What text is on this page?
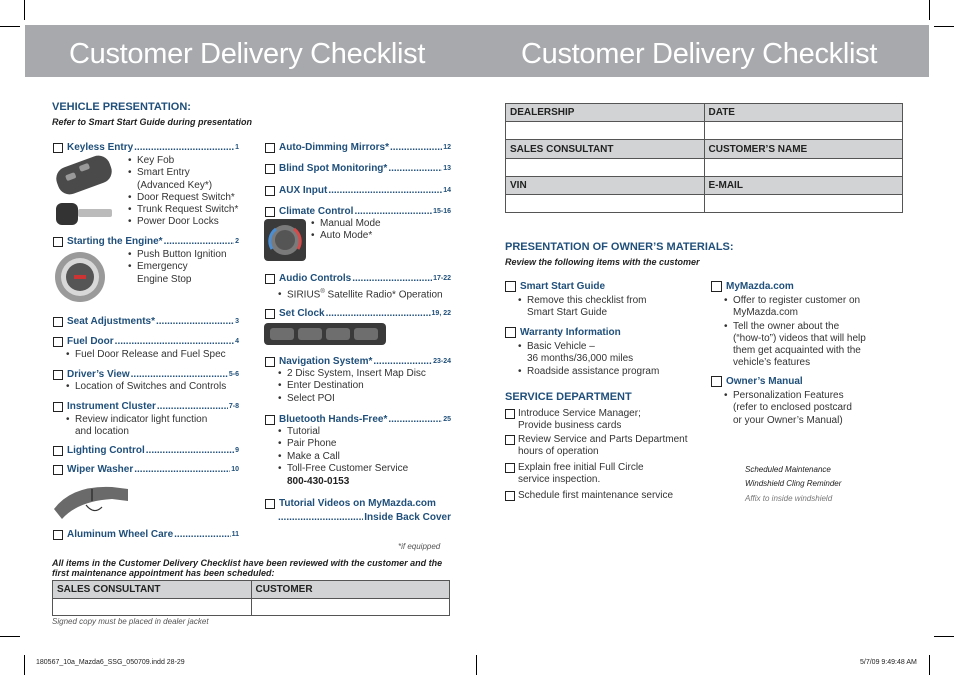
Customer Delivery Checklist	Customer Delivery Checklist
VEHICLE PRESENTATION:
Refer to Smart Start Guide during presentation
Keyless Entry .....	1
• Key Fob
• Smart Entry
(Advanced Key*)
• Door Request Switch*
• Trunk Request Switch*
• Power Door Locks
Starting the Engine* .....	2
• Push Button Ignition
• Emergency
Engine Stop
Seat Adjustments* .....	3
Fuel Door .....	4
• Fuel Door Release and Fuel Spec
Driver’s View .....	5-6
• Location of Switches and Controls
Instrument Cluster .....	7-8
• Review indicator light function
and location
Lighting Control .....	9
Wiper Washer .....	10
Aluminum Wheel Care .....	11
Auto-Dimming Mirrors* .....	12
Blind Spot Monitoring* .....	13
AUX Input .....	14
Climate Control .....	15-16
• Manual Mode
• Auto Mode*
Audio Controls .....	17-22
• SIRIUS® Satellite Radio* Operation
Set Clock .....	19, 22
Navigation System* .....	23-24
• 2 Disc System, Insert Map Disc
• Enter Destination
• Select POI
Bluetooth Hands-Free* .....	25
• Tutorial
• Pair Phone
• Make a Call
• Toll-Free Customer Service
800-430-0153
Tutorial Videos on MyMazda.com
.....
Inside Back Cover
*if equipped
All items in the Customer Delivery Checklist have been reviewed with the customer and the first maintenance appointment has been scheduled:
SALES CONSULTANT	CUSTOMER

Signed copy must be placed in dealer jacket
DEALERSHIP	DATE

SALES CONSULTANT	CUSTOMER’S NAME

VIN	E-MAIL

PRESENTATION OF OWNER’S MATERIALS:
Review the following items with the customer
Smart Start Guide
• Remove this checklist from
Smart Start Guide
Warranty Information
• Basic Vehicle –
36 months/36,000 miles
• Roadside assistance program
MyMazda.com
• Offer to register customer on
MyMazda.com
• Tell the owner about the
(“how-to”) videos that will help
them get acquainted with the
vehicle’s features
Owner’s Manual
• Personalization Features
(refer to enclosed postcard
or your Owner’s Manual)
SERVICE DEPARTMENT
Introduce Service Manager;
Provide business cards
Review Service and Parts Department
hours of operation
Explain free initial Full Circle
service inspection.
Schedule first maintenance service
Scheduled Maintenance
Windshield Cling Reminder
Affix to inside windshield
180567_10a_Mazda6_SSG_050709.indd 28-29	5/7/09 9:49:48 AM
